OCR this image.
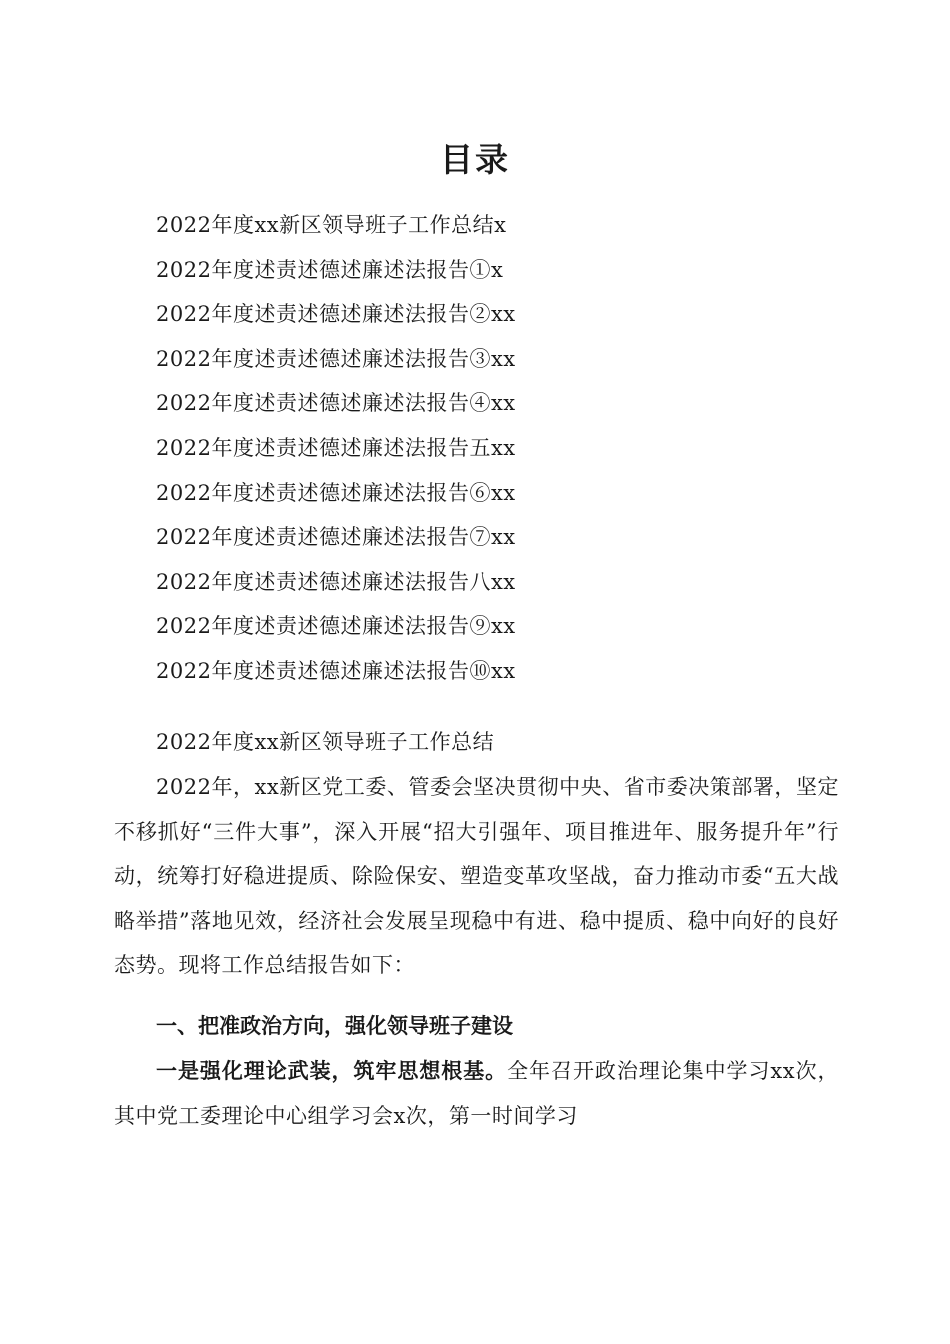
目录
2022年度xx新区领导班子工作总结x
2022年度述责述德述廉述法报告①x
2022年度述责述德述廉述法报告②xx
2022年度述责述德述廉述法报告③xx
2022年度述责述德述廉述法报告④xx
2022年度述责述德述廉述法报告五xx
2022年度述责述德述廉述法报告⑥xx
2022年度述责述德述廉述法报告⑦xx
2022年度述责述德述廉述法报告八xx
2022年度述责述德述廉述法报告⑨xx
2022年度述责述德述廉述法报告⑩xx
2022年度xx新区领导班子工作总结

2022年，xx新区党工委、管委会坚决贯彻中央、省市委决策部署，坚定不移抓好“三件大事”，深入开展“招大引强年、项目推进年、服务提升年”行动，统筹打好稳进提质、除险保安、塑造变革攻坚战，奋力推动市委“五大战略举措”落地见效，经济社会发展呈现稳中有进、稳中提质、稳中向好的良好态势。现将工作总结报告如下：

一、把准政治方向，强化领导班子建设

一是强化理论武装，筑牢思想根基。全年召开政治理论集中学习xx次，其中党工委理论中心组学习会x次，第一时间学习
